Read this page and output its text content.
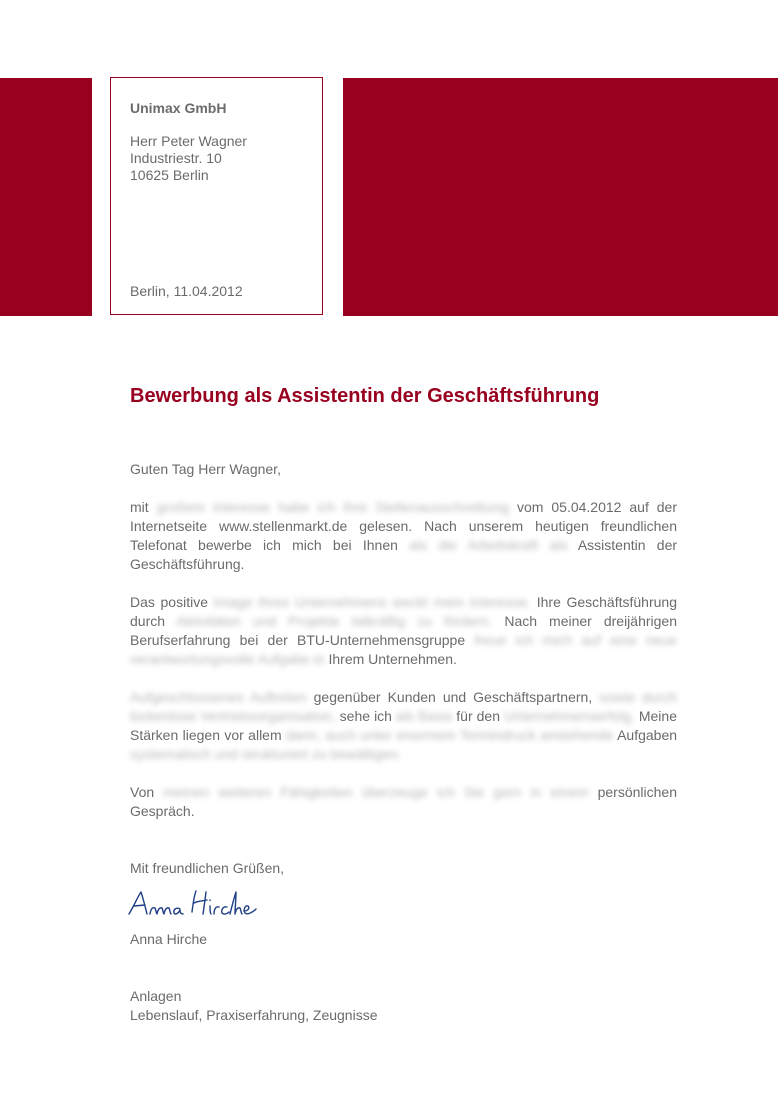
Unimax GmbH
Herr Peter Wagner
Industriestr. 10
10625 Berlin
Berlin, 11.04.2012
Bewerbung als Assistentin der Geschäftsführung
Guten Tag Herr Wagner,
mit großem Interesse habe ich Ihre Stellenausschreibung vom 05.04.2012 auf der Internetseite www.stellenmarkt.de gelesen. Nach unserem heutigen freundlichen Telefonat bewerbe ich mich bei Ihnen als die Arbeitskraft als Assistentin der Geschäftsführung.
Das positive Image Ihres Unternehmens weckt mein Interesse. Ihre Geschäftsführung durch Aktivitäten und Projekte tatkräftig zu fördern. Nach meiner dreijährigen Berufserfahrung bei der BTU-Unternehmensgruppe freue ich mich auf eine neue verantwortungsvolle Aufgabe in Ihrem Unternehmen.
Aufgeschlossenes Auftreten gegenüber Kunden und Geschäftspartnern, sowie durch lückenlose Vertriebsorganisation, sehe ich als Basis für den Unternehmenserfolg. Meine Stärken liegen vor allem darin, auch unter enormem Termindruck anstehende Aufgaben systematisch und strukturiert zu bewältigen.
Von meinen weiteren Fähigkeiten überzeuge ich Sie gern in einem persönlichen Gespräch.
Mit freundlichen Grüßen,
Anna Hirche
Anlagen
Lebenslauf, Praxiserfahrung, Zeugnisse
